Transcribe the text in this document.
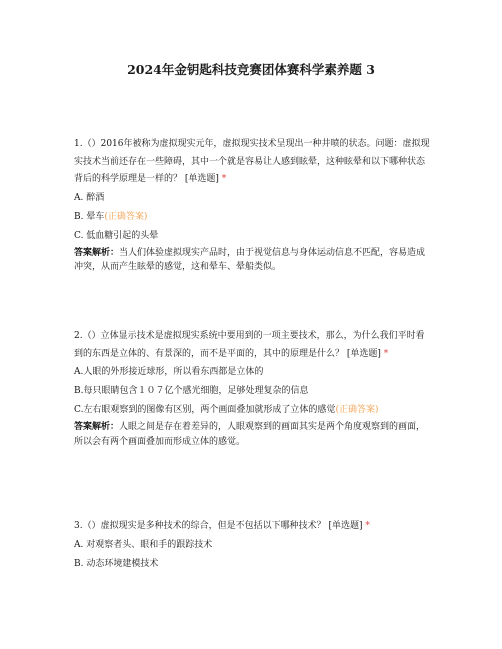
2024年金钥匙科技竞赛团体赛科学素养题 3

1.（）2016年被称为虚拟现实元年，虚拟现实技术呈现出一种井喷的状态。问题：虚拟现实技术当前还存在一些障碍，其中一个就是容易让人感到眩晕，这种眩晕和以下哪种状态背后的科学原理是一样的？ [单选题] *

A. 醉酒
B. 晕车(正确答案)
C. 低血糖引起的头晕

答案解析：当人们体验虚拟现实产品时，由于视觉信息与身体运动信息不匹配，容易造成冲突，从而产生眩晕的感觉，这和晕车、晕船类似。

2.（）立体显示技术是虚拟现实系统中要用到的一项主要技术，那么，为什么我们平时看到的东西是立体的、有景深的，而不是平面的，其中的原理是什么？ [单选题] *

A.人眼的外形接近球形，所以看东西都是立体的
B.每只眼睛包含１０７亿个感光细胞，足够处理复杂的信息
C.左右眼观察到的图像有区别，两个画面叠加就形成了立体的感觉(正确答案)

答案解析：人眼之间是存在着差异的，人眼观察到的画面其实是两个角度观察到的画面，所以会有两个画面叠加而形成立体的感觉。

3.（）虚拟现实是多种技术的综合，但是不包括以下哪种技术？ [单选题] *

A. 对观察者头、眼和手的跟踪技术
B. 动态环境建模技术
